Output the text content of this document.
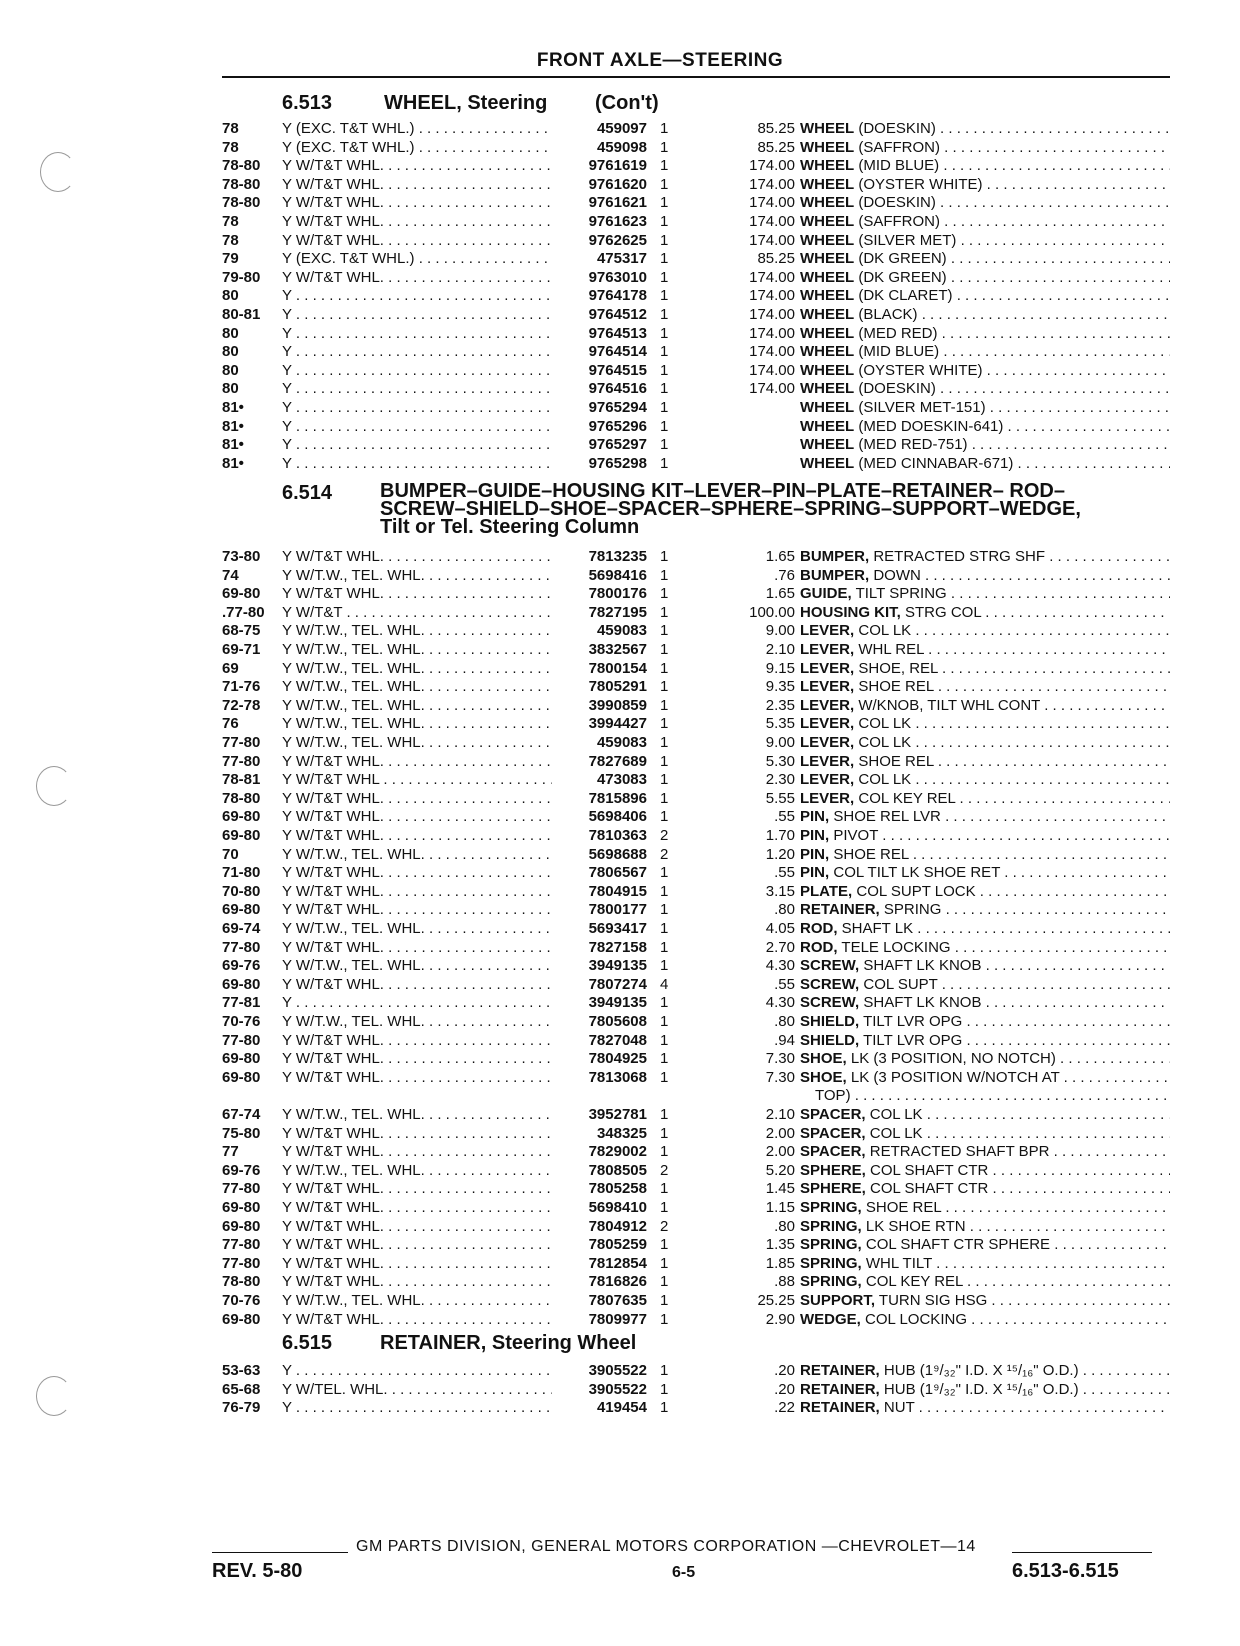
FRONT AXLE—STEERING
6.513	WHEEL, Steering (Con't)
78	Y (EXC. T&T WHL.) . . .	459097 1	85.25 WHEEL (DOESKIN) . . .
78	Y (EXC. T&T WHL.) . . .	459098 1	85.25 WHEEL (SAFFRON) . . .
78-80	Y W/T&T WHL. . . .	9761619 1	174.00 WHEEL (MID BLUE) . . .
78-80	Y W/T&T WHL. . . .	9761620 1	174.00 WHEEL (OYSTER WHITE) . . .
78-80	Y W/T&T WHL. . . .	9761621 1	174.00 WHEEL (DOESKIN) . . .
78	Y W/T&T WHL. . . .	9761623 1	174.00 WHEEL (SAFFRON) . . .
78	Y W/T&T WHL. . . .	9762625 1	174.00 WHEEL (SILVER MET) . . .
79	Y (EXC. T&T WHL.) . . .	475317 1	85.25 WHEEL (DK GREEN) . . .
79-80	Y W/T&T WHL. . . .	9763010 1	174.00 WHEEL (DK GREEN) . . .
80	Y . . .	9764178 1	174.00 WHEEL (DK CLARET) . . .
80-81	Y . . .	9764512 1	174.00 WHEEL (BLACK) . . .
80	Y . . .	9764513 1	174.00 WHEEL (MED RED) . . .
80	Y . . .	9764514 1	174.00 WHEEL (MID BLUE) . . .
80	Y . . .	9764515 1	174.00 WHEEL (OYSTER WHITE) . . .
80	Y . . .	9764516 1	174.00 WHEEL (DOESKIN) . . .
81•	Y . . .	9765294 1	WHEEL (SILVER MET-151) . . .
81•	Y . . .	9765296 1	WHEEL (MED DOESKIN-641) . . .
81•	Y . . .	9765297 1	WHEEL (MED RED-751) . . .
81•	Y . . .	9765298 1	WHEEL (MED CINNABAR-671) . . .
6.514 BUMPER–GUIDE–HOUSING KIT–LEVER–PIN–PLATE–RETAINER– ROD–
SCREW–SHIELD–SHOE–SPACER–SPHERE–SPRING–SUPPORT–WEDGE,
Tilt or Tel. Steering Column
73-80	Y W/T&T WHL. . . .	7813235 1	1.65 BUMPER, RETRACTED STRG SHF . . .
74	Y W/T.W., TEL. WHL. . . .	5698416 1	.76 BUMPER, DOWN . . .
69-80	Y W/T&T WHL. . . .	7800176 1	1.65 GUIDE, TILT SPRING . . .
.77-80	Y W/T&T . . .	7827195 1	100.00 HOUSING KIT, STRG COL . . .
68-75	Y W/T.W., TEL. WHL. . . .	459083 1	9.00 LEVER, COL LK . . .
69-71	Y W/T.W., TEL. WHL. . . .	3832567 1	2.10 LEVER, WHL REL . . .
69	Y W/T.W., TEL. WHL. . . .	7800154 1	9.15 LEVER, SHOE, REL . . .
71-76	Y W/T.W., TEL. WHL. . . .	7805291 1	9.35 LEVER, SHOE REL . . .
72-78	Y W/T.W., TEL. WHL. . . .	3990859 1	2.35 LEVER, W/KNOB, TILT WHL CONT . . .
76	Y W/T.W., TEL. WHL. . . .	3994427 1	5.35 LEVER, COL LK . . .
77-80	Y W/T.W., TEL. WHL. . . .	459083 1	9.00 LEVER, COL LK . . .
77-80	Y W/T&T WHL. . . .	7827689 1	5.30 LEVER, SHOE REL . . .
78-81	Y W/T&T WHL . . .	473083 1	2.30 LEVER, COL LK . . .
78-80	Y W/T&T WHL. . . .	7815896 1	5.55 LEVER, COL KEY REL . . .
69-80	Y W/T&T WHL. . . .	5698406 1	.55 PIN, SHOE REL LVR . . .
69-80	Y W/T&T WHL. . . .	7810363 2	1.70 PIN, PIVOT . . .
70	Y W/T.W., TEL. WHL. . . .	5698688 2	1.20 PIN, SHOE REL . . .
71-80	Y W/T&T WHL. . . .	7806567 1	.55 PIN, COL TILT LK SHOE RET . . .
70-80	Y W/T&T WHL. . . .	7804915 1	3.15 PLATE, COL SUPT LOCK . . .
69-80	Y W/T&T WHL. . . .	7800177 1	.80 RETAINER, SPRING . . .
69-74	Y W/T.W., TEL. WHL. . . .	5693417 1	4.05 ROD, SHAFT LK . . .
77-80	Y W/T&T WHL. . . .	7827158 1	2.70 ROD, TELE LOCKING . . .
69-76	Y W/T.W., TEL. WHL. . . .	3949135 1	4.30 SCREW, SHAFT LK KNOB . . .
69-80	Y W/T&T WHL. . . .	7807274 4	.55 SCREW, COL SUPT . . .
77-81	Y . . .	3949135 1	4.30 SCREW, SHAFT LK KNOB . . .
70-76	Y W/T.W., TEL. WHL. . . .	7805608 1	.80 SHIELD, TILT LVR OPG . . .
77-80	Y W/T&T WHL. . . .	7827048 1	.94 SHIELD, TILT LVR OPG . . .
69-80	Y W/T&T WHL. . . .	7804925 1	7.30 SHOE, LK (3 POSITION, NO NOTCH) . . .
69-80	Y W/T&T WHL. . . .	7813068 1	7.30 SHOE, LK (3 POSITION W/NOTCH AT . . .
TOP) . . .
67-74	Y W/T.W., TEL. WHL. . . .	3952781 1	2.10 SPACER, COL LK . . .
75-80	Y W/T&T WHL. . . .	348325 1	2.00 SPACER, COL LK . . .
77	Y W/T&T WHL. . . .	7829002 1	2.00 SPACER, RETRACTED SHAFT BPR . . .
69-76	Y W/T.W., TEL. WHL. . . .	7808505 2	5.20 SPHERE, COL SHAFT CTR . . .
77-80	Y W/T&T WHL. . . .	7805258 1	1.45 SPHERE, COL SHAFT CTR . . .
69-80	Y W/T&T WHL. . . .	5698410 1	1.15 SPRING, SHOE REL . . .
69-80	Y W/T&T WHL. . . .	7804912 2	.80 SPRING, LK SHOE RTN . . .
77-80	Y W/T&T WHL. . . .	7805259 1	1.35 SPRING, COL SHAFT CTR SPHERE . . .
77-80	Y W/T&T WHL. . . .	7812854 1	1.85 SPRING, WHL TILT . . .
78-80	Y W/T&T WHL. . . .	7816826 1	.88 SPRING, COL KEY REL . . .
70-76	Y W/T.W., TEL. WHL. . . .	7807635 1	25.25 SUPPORT, TURN SIG HSG . . .
69-80	Y W/T&T WHL. . . .	7809977 1	2.90 WEDGE, COL LOCKING . . .
6.515 RETAINER, Steering Wheel
53-63	Y . . .	3905522 1	.20 RETAINER, HUB (1⁹/₃₂" I.D. X ¹⁵/₁₆" O.D.) . . . . .
65-68	Y W/TEL. WHL. . . .	3905522 1	.20 RETAINER, HUB (1⁹/₃₂" I.D. X ¹⁵/₁₆" O.D.) . . . . .
76-79	Y . . .	419454 1	.22 RETAINER, NUT . . .
GM PARTS DIVISION, GENERAL MOTORS CORPORATION —CHEVROLET—14
REV. 5-80	6-5	6.513-6.515
